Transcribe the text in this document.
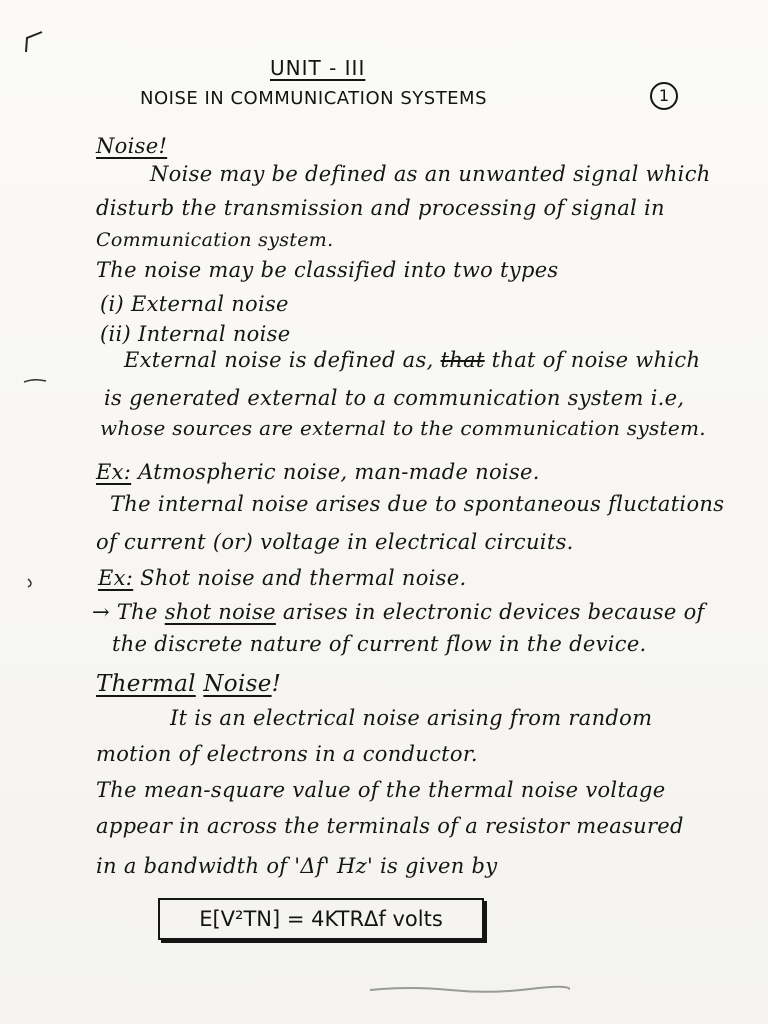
UNIT - III
NOISE IN COMMUNICATION SYSTEMS	1
Noise!
Noise may be defined as an unwanted signal which
disturb the transmission and processing of signal in
Communication system.
The noise may be classified into two types
(i) External noise
(ii) Internal noise
External noise is defined as, that that of noise which
is generated external to a communication system i.e,
whose sources are external to the communication system.
Ex: Atmospheric noise, man-made noise.
The internal noise arises due to spontaneous fluctations
of current (or) voltage in electrical circuits.
Ex: Shot noise and thermal noise.
→ The shot noise arises in electronic devices because of
the discrete nature of current flow in the device.
Thermal Noise!
It is an electrical noise arising from random
motion of electrons in a conductor.
The mean-square value of the thermal noise voltage
appear in across the terminals of a resistor measured
in a bandwidth of 'Δf' Hz' is given by
E[V²TN] = 4KTRΔf volts
